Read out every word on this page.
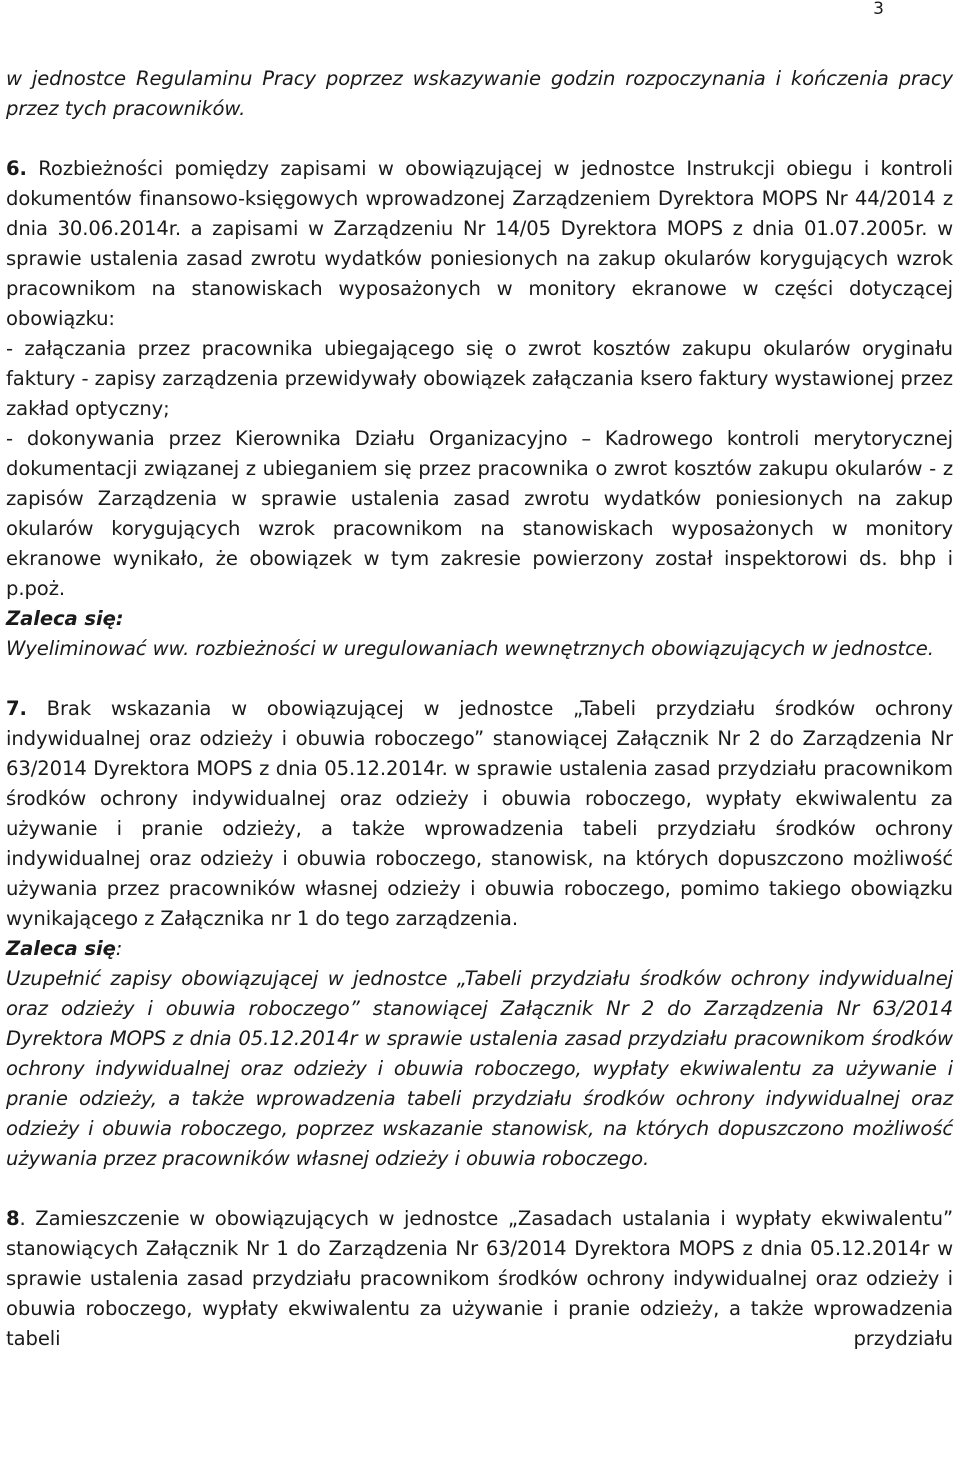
3

w jednostce Regulaminu Pracy poprzez wskazywanie godzin rozpoczynania i kończenia pracy przez tych pracowników.

6. Rozbieżności pomiędzy zapisami w obowiązującej w jednostce Instrukcji obiegu i kontroli dokumentów finansowo-księgowych wprowadzonej Zarządzeniem Dyrektora MOPS Nr 44/2014 z dnia 30.06.2014r. a zapisami w Zarządzeniu Nr 14/05 Dyrektora MOPS z dnia 01.07.2005r. w sprawie ustalenia zasad zwrotu wydatków poniesionych na zakup okularów korygujących wzrok pracownikom na stanowiskach wyposażonych w monitory ekranowe w części dotyczącej obowiązku:

- załączania przez pracownika ubiegającego się o zwrot kosztów zakupu okularów oryginału faktury - zapisy zarządzenia przewidywały obowiązek załączania ksero faktury wystawionej przez zakład optyczny;

- dokonywania przez Kierownika Działu Organizacyjno – Kadrowego kontroli merytorycznej dokumentacji związanej z ubieganiem się przez pracownika o zwrot kosztów zakupu okularów - z zapisów Zarządzenia w sprawie ustalenia zasad zwrotu wydatków poniesionych na zakup okularów korygujących wzrok pracownikom na stanowiskach wyposażonych w monitory ekranowe wynikało, że obowiązek w tym zakresie powierzony został inspektorowi ds. bhp i p.poż.

Zaleca się:

Wyeliminować ww. rozbieżności w uregulowaniach wewnętrznych obowiązujących w jednostce.

7. Brak wskazania w obowiązującej w jednostce „Tabeli przydziału środków ochrony indywidualnej oraz odzieży i obuwia roboczego” stanowiącej Załącznik Nr 2 do Zarządzenia Nr 63/2014 Dyrektora MOPS z dnia 05.12.2014r. w sprawie ustalenia zasad przydziału pracownikom środków ochrony indywidualnej oraz odzieży i obuwia roboczego, wypłaty ekwiwalentu za używanie i pranie odzieży, a także wprowadzenia tabeli przydziału środków ochrony indywidualnej oraz odzieży i obuwia roboczego, stanowisk, na których dopuszczono możliwość używania przez pracowników własnej odzieży i obuwia roboczego, pomimo takiego obowiązku wynikającego z Załącznika nr 1 do tego zarządzenia.

Zaleca się:

Uzupełnić zapisy obowiązującej w jednostce „Tabeli przydziału środków ochrony indywidualnej oraz odzieży i obuwia roboczego” stanowiącej Załącznik Nr 2 do Zarządzenia Nr 63/2014 Dyrektora MOPS z dnia 05.12.2014r w sprawie ustalenia zasad przydziału pracownikom środków ochrony indywidualnej oraz odzieży i obuwia roboczego, wypłaty ekwiwalentu za używanie i pranie odzieży, a także wprowadzenia tabeli przydziału środków ochrony indywidualnej oraz odzieży i obuwia roboczego, poprzez wskazanie stanowisk, na których dopuszczono możliwość używania przez pracowników własnej odzieży i obuwia roboczego.

8. Zamieszczenie w obowiązujących w jednostce „Zasadach ustalania i wypłaty ekwiwalentu” stanowiących Załącznik Nr 1 do Zarządzenia Nr 63/2014 Dyrektora MOPS z dnia 05.12.2014r w sprawie ustalenia zasad przydziału pracownikom środków ochrony indywidualnej oraz odzieży i obuwia roboczego, wypłaty ekwiwalentu za używanie i pranie odzieży, a także wprowadzenia tabeli przydziału
